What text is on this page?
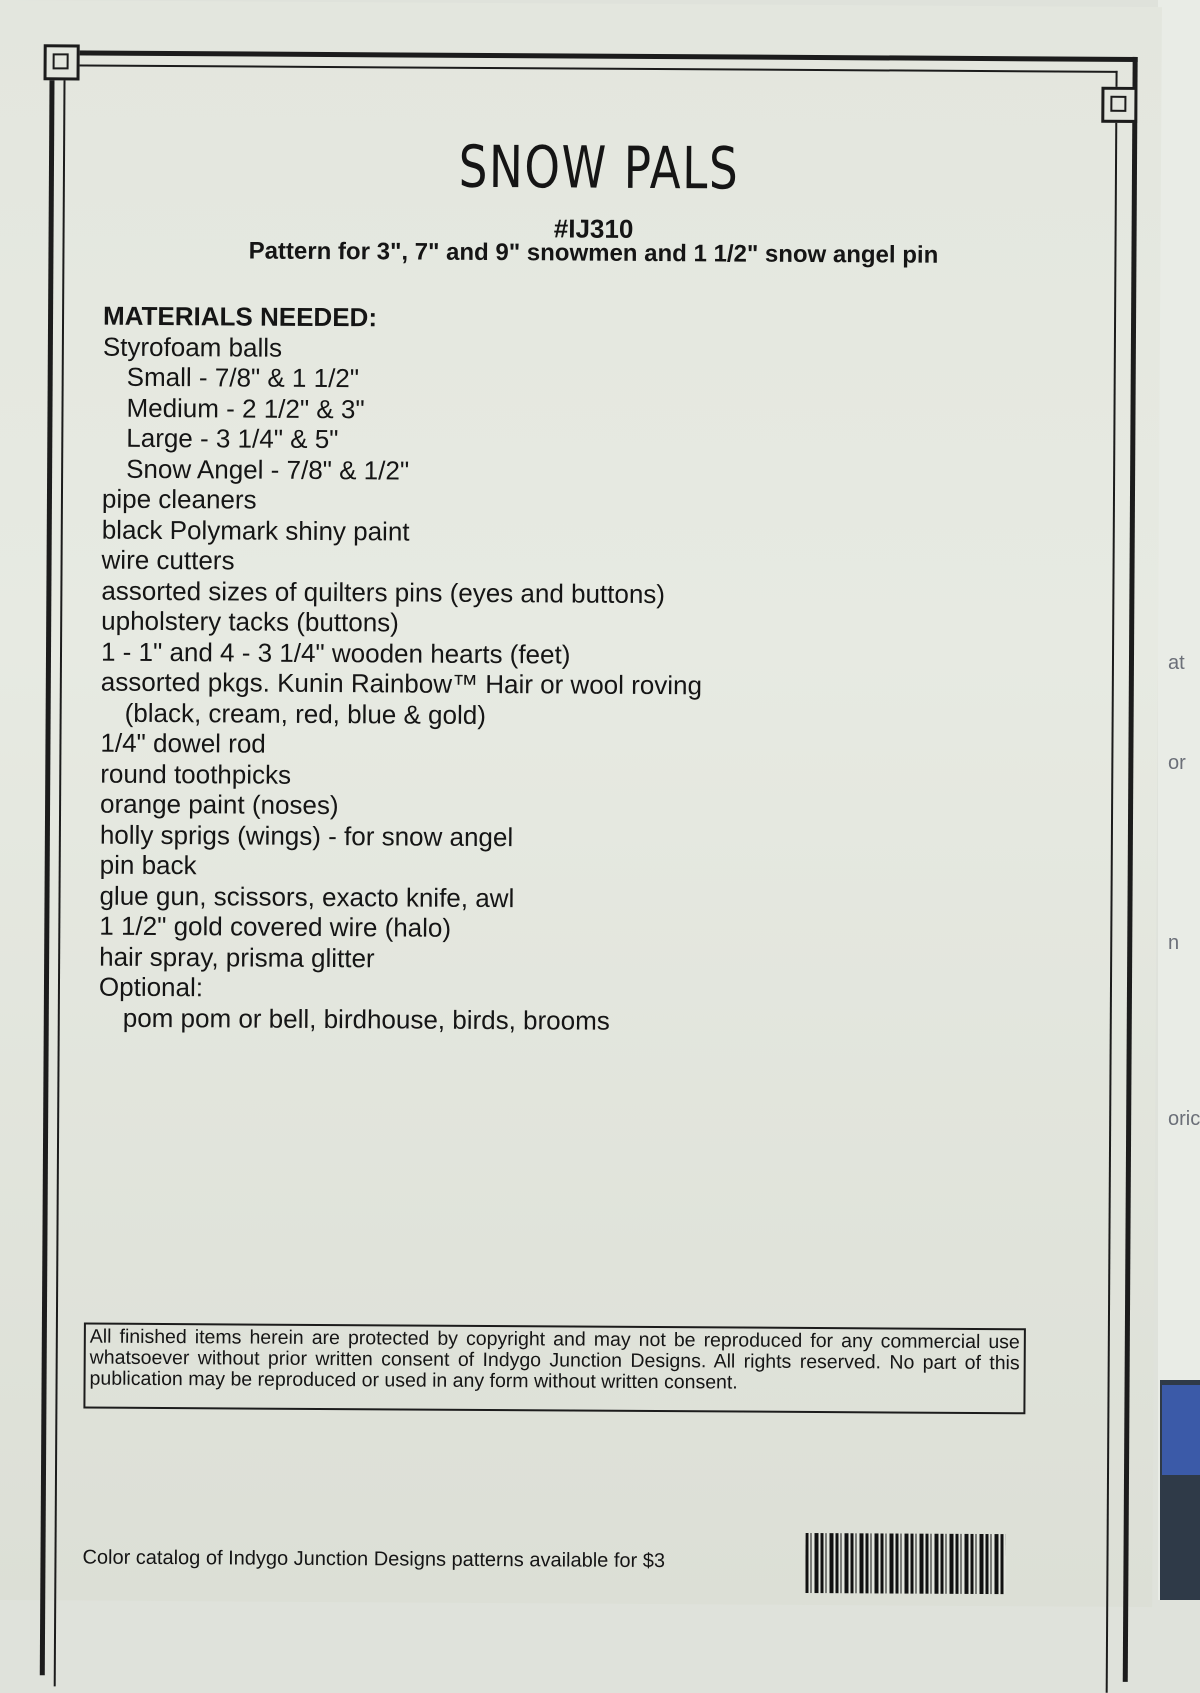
at
or
n
oric
SNOW PALS
#IJ310
Pattern for 3", 7" and 9" snowmen and 1 1/2" snow angel pin
MATERIALS NEEDED:
Styrofoam balls
Small - 7/8" & 1 1/2"
Medium - 2 1/2" & 3"
Large - 3 1/4" & 5"
Snow Angel - 7/8" & 1/2"
pipe cleaners
black Polymark shiny paint
wire cutters
assorted sizes of quilters pins (eyes and buttons)
upholstery tacks (buttons)
1 - 1" and 4 - 3 1/4" wooden hearts (feet)
assorted pkgs. Kunin Rainbow™ Hair or wool roving
(black, cream, red, blue & gold)
1/4" dowel rod
round toothpicks
orange paint (noses)
holly sprigs (wings) - for snow angel
pin back
glue gun, scissors, exacto knife, awl
1 1/2" gold covered wire (halo)
hair spray, prisma glitter
Optional:
pom pom or bell, birdhouse, birds, brooms
All finished items herein are protected by copyright and may not be reproduced for any commercial use whatsoever without prior written consent of Indygo Junction Designs. All rights reserved. No part of this publication may be reproduced or used in any form without written consent.
Color catalog of Indygo Junction Designs patterns available for $3
